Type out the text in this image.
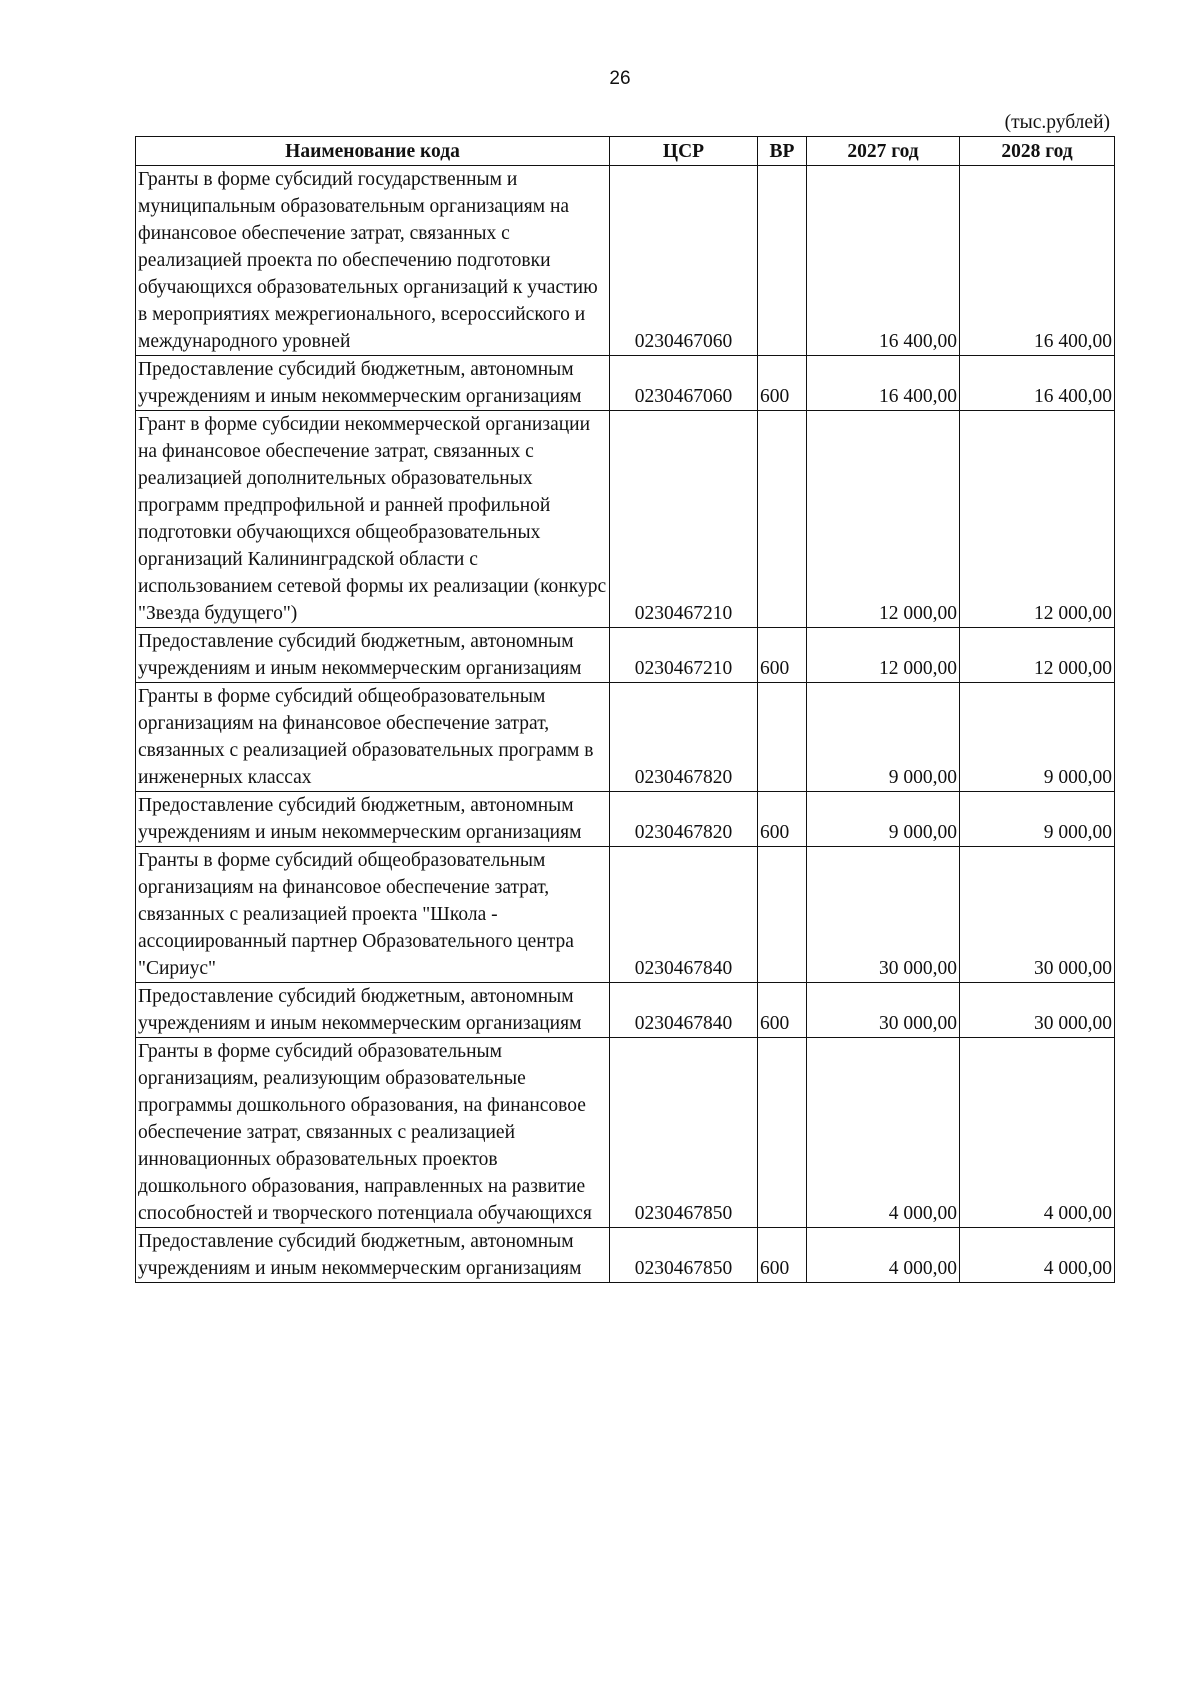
26
(тыс.рублей)
Наименование кода	ЦСР	ВР	2027 год	2028 год
Гранты в форме субсидий государственным и муниципальным образовательным организациям на финансовое обеспечение затрат, связанных с реализацией проекта по обеспечению подготовки обучающихся образовательных организаций к участию в мероприятиях межрегионального, всероссийского и международного уровней	0230467060		16 400,00	16 400,00
Предоставление субсидий бюджетным, автономным учреждениям и иным некоммерческим организациям	0230467060	600	16 400,00	16 400,00
Грант в форме субсидии некоммерческой организации на финансовое обеспечение затрат, связанных с реализацией дополнительных образовательных программ предпрофильной и ранней профильной подготовки обучающихся общеобразовательных организаций Калининградской области с использованием сетевой формы их реализации (конкурс "Звезда будущего")	0230467210		12 000,00	12 000,00
Предоставление субсидий бюджетным, автономным учреждениям и иным некоммерческим организациям	0230467210	600	12 000,00	12 000,00
Гранты в форме субсидий общеобразовательным организациям на финансовое обеспечение затрат, связанных с реализацией образовательных программ в инженерных классах	0230467820		9 000,00	9 000,00
Предоставление субсидий бюджетным, автономным учреждениям и иным некоммерческим организациям	0230467820	600	9 000,00	9 000,00
Гранты в форме субсидий общеобразовательным организациям на финансовое обеспечение затрат, связанных с реализацией проекта "Школа - ассоциированный партнер Образовательного центра "Сириус"	0230467840		30 000,00	30 000,00
Предоставление субсидий бюджетным, автономным учреждениям и иным некоммерческим организациям	0230467840	600	30 000,00	30 000,00
Гранты в форме субсидий образовательным организациям, реализующим образовательные программы дошкольного образования, на финансовое обеспечение затрат, связанных с реализацией инновационных образовательных проектов дошкольного образования, направленных на развитие способностей и творческого потенциала обучающихся	0230467850		4 000,00	4 000,00
Предоставление субсидий бюджетным, автономным учреждениям и иным некоммерческим организациям	0230467850	600	4 000,00	4 000,00
